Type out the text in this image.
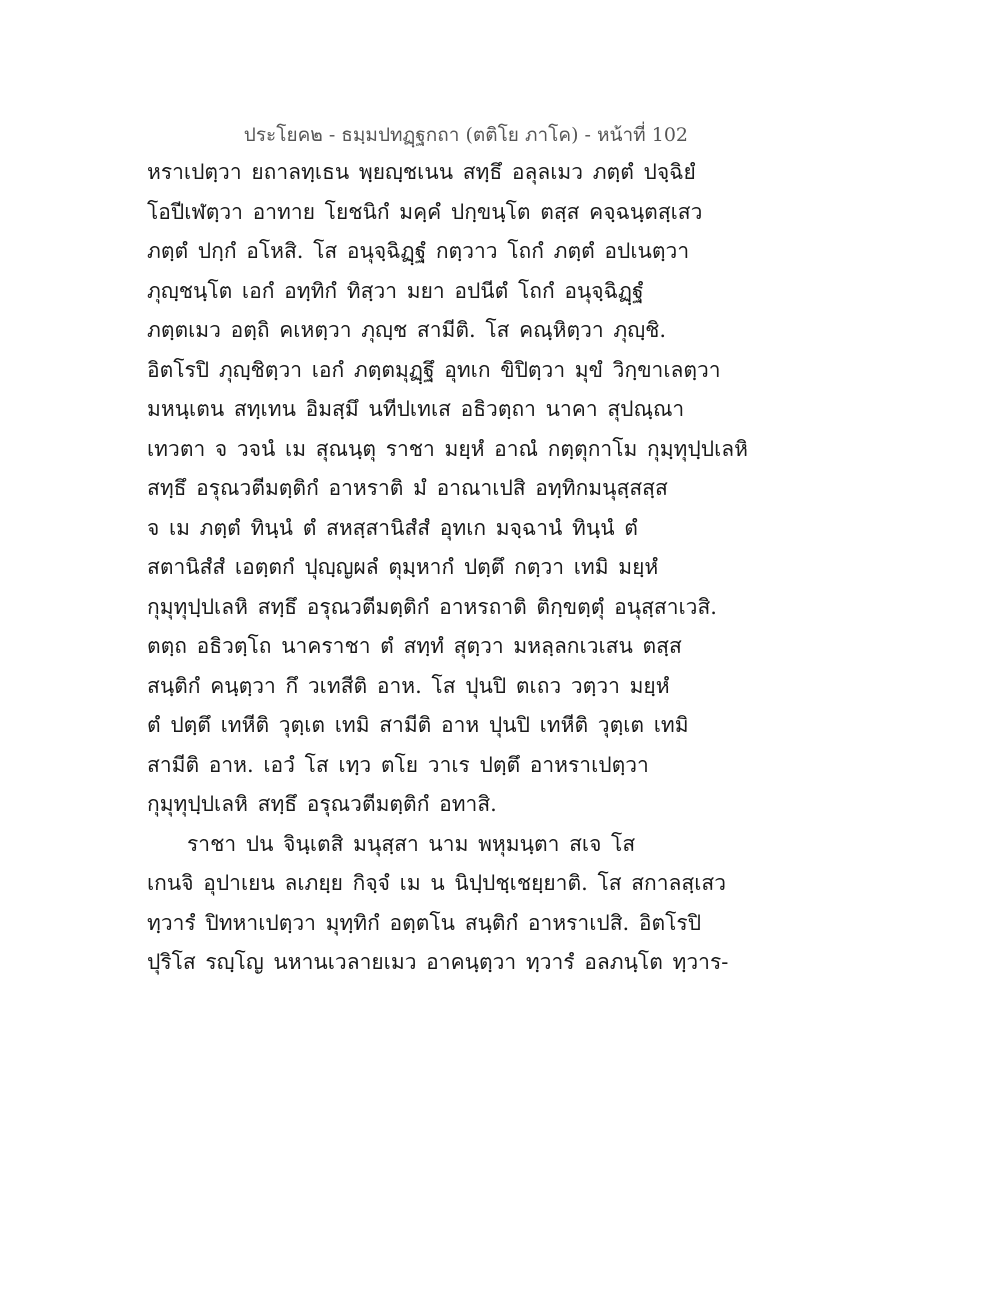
ประโยค๒ - ธมฺมปทฏฺฐกถา (ตติโย ภาโค) - หน้าที่ 102
หราเปตฺวา ยถาลทฺเธน พฺยญฺชเนน สทฺธึ อลุลเมว ภตฺตํ ปจฺฉิยํ
โอปีเฬตฺวา อาทาย โยชนิกํ มคฺคํ ปกฺขนฺโต ตสฺส คจฺฉนฺตสฺเสว
ภตฺตํ ปกฺกํ อโหสิ. โส อนุจฺฉิฏฺฐํ กตฺวาว โถกํ ภตฺตํ อปเนตฺวา
ภุญฺชนฺโต เอกํ อทฺทิกํ ทิสฺวา มยา อปนีตํ โถกํ อนุจฺฉิฏฺฐํ
ภตฺตเมว อตฺถิ คเหตฺวา ภุญฺช สามีติ. โส คณฺหิตฺวา ภุญฺชิ.
อิตโรปิ ภุญฺชิตฺวา เอกํ ภตฺตมุฏฺฐึ อุทเก ขิปิตฺวา มุขํ วิกฺขาเลตฺวา
มหนฺเตน สทฺเทน อิมสฺมึ นทีปเทเส อธิวตฺถา นาคา สุปณฺณา
เทวตา จ วจนํ เม สุณนฺตุ ราชา มยฺหํ อาณํ กตฺตุกาโม กุมฺทุปฺปเลหิ
สทฺธึ อรุณวตีมตฺติกํ อาหราติ มํ อาณาเปสิ อทฺทิกมนุสฺสสฺส
จ เม ภตฺตํ ทินฺนํ ตํ สหสฺสานิสํสํ อุทเก มจฺฉานํ ทินฺนํ ตํ
สตานิสํสํ เอตฺตกํ ปุญฺญผลํ ตุมฺหากํ ปตฺตึ กตฺวา เทมิ มยฺหํ
กุมุทุปฺปเลหิ สทฺธึ อรุณวตีมตฺติกํ อาหรถาติ ติกฺขตฺตุํ อนุสฺสาเวสิ.
ตตฺถ อธิวตฺโถ นาคราชา ตํ สทฺทํ สุตฺวา มหลฺลกเวเสน ตสฺส
สนฺติกํ คนฺตฺวา กึ วเทสีติ อาห. โส ปุนปิ ตเถว วตฺวา มยฺหํ
ตํ ปตฺตึ เทหีติ วุตฺเต เทมิ สามีติ อาห ปุนปิ เทหีติ วุตฺเต เทมิ
สามีติ อาห. เอวํ โส เทฺว ตโย วาเร ปตฺตึ อาหราเปตฺวา
กุมุทุปฺปเลหิ สทฺธึ อรุณวตีมตฺติกํ อทาสิ.
ราชา ปน จินฺเตสิ มนุสฺสา นาม พหุมนฺตา สเจ โส
เกนจิ อุปาเยน ลเภยฺย กิจฺจํ เม น นิปฺปชฺเชยฺยาติ. โส สกาลสฺเสว
ทฺวารํ ปิทหาเปตฺวา มุทฺทิกํ อตฺตโน สนฺติกํ อาหราเปสิ. อิตโรปิ
ปุริโส รญฺโญ นหานเวลายเมว อาคนฺตฺวา ทฺวารํ อลภนฺโต ทฺวาร-
